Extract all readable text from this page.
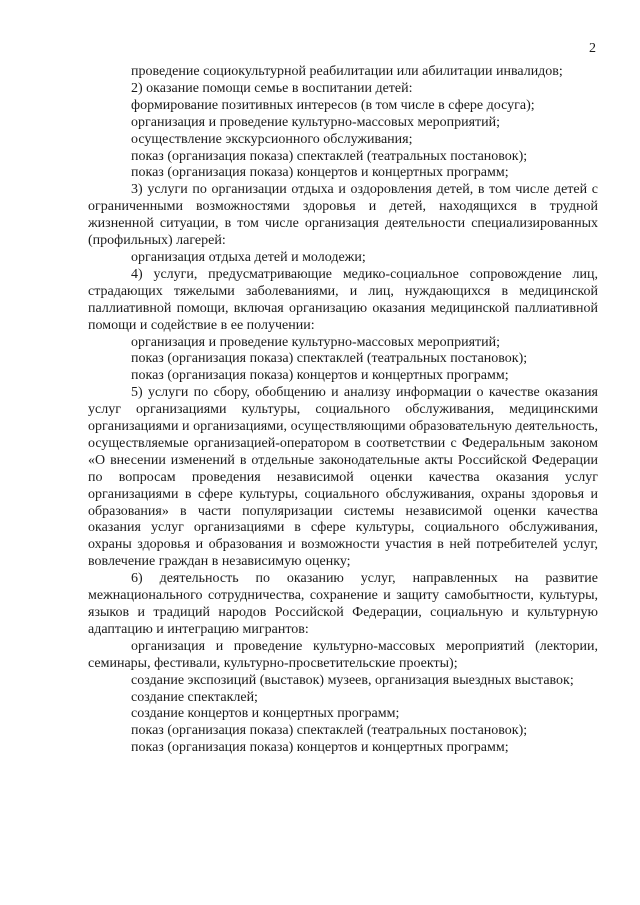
2

проведение социокультурной реабилитации или абилитации инвалидов;

2) оказание помощи семье в воспитании детей:

формирование позитивных интересов (в том числе в сфере досуга);

организация и проведение культурно-массовых мероприятий;

осуществление экскурсионного обслуживания;

показ (организация показа) спектаклей (театральных постановок);

показ (организация показа) концертов и концертных программ;

3) услуги по организации отдыха и оздоровления детей, в том числе детей с ограниченными возможностями здоровья и детей, находящихся в трудной жизненной ситуации, в том числе организация деятельности специализированных (профильных) лагерей:

организация отдыха детей и молодежи;

4) услуги, предусматривающие медико-социальное сопровождение лиц, страдающих тяжелыми заболеваниями, и лиц, нуждающихся в медицинской паллиативной помощи, включая организацию оказания медицинской паллиативной помощи и содействие в ее получении:

организация и проведение культурно-массовых мероприятий;

показ (организация показа) спектаклей (театральных постановок);

показ (организация показа) концертов и концертных программ;

5) услуги по сбору, обобщению и анализу информации о качестве оказания услуг организациями культуры, социального обслуживания, медицинскими организациями и организациями, осуществляющими образовательную деятельность, осуществляемые организацией-оператором в соответствии с Федеральным законом «О внесении изменений в отдельные законодательные акты Российской Федерации по вопросам проведения независимой оценки качества оказания услуг организациями в сфере культуры, социального обслуживания, охраны здоровья и образования» в части популяризации системы независимой оценки качества оказания услуг организациями в сфере культуры, социального обслуживания, охраны здоровья и образования и возможности участия в ней потребителей услуг, вовлечение граждан в независимую оценку;

6) деятельность по оказанию услуг, направленных на развитие межнационального сотрудничества, сохранение и защиту самобытности, культуры, языков и традиций народов Российской Федерации, социальную и культурную адаптацию и интеграцию мигрантов:

организация и проведение культурно-массовых мероприятий (лектории, семинары, фестивали, культурно-просветительские проекты);

создание экспозиций (выставок) музеев, организация выездных выставок;

создание спектаклей;

создание концертов и концертных программ;

показ (организация показа) спектаклей (театральных постановок);

показ (организация показа) концертов и концертных программ;
